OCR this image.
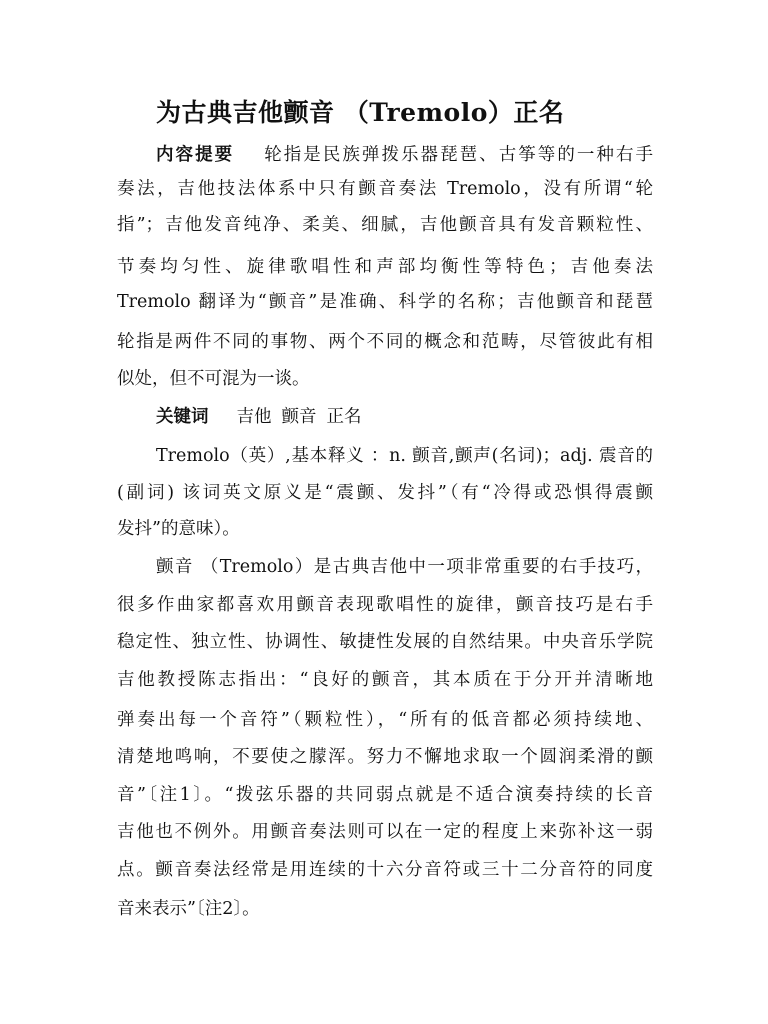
为古典吉他颤音 （Tremolo）正名
内容提要 轮指是民族弹拨乐器琵琶、古筝等的一种右手
奏法，吉他技法体系中只有颤音奏法 Tremolo，没有所谓“轮
指”；吉他发音纯净、柔美、细腻，吉他颤音具有发音颗粒性、
节奏均匀性、旋律歌唱性和声部均衡性等特色；吉他奏法
Tremolo 翻译为“颤音”是准确、科学的名称；吉他颤音和琵琶
轮指是两件不同的事物、两个不同的概念和范畴，尽管彼此有相
似处，但不可混为一谈。
关键词 吉他 颤音 正名
Tremolo（英）,基本释义 ：n. 颤音,颤声(名词)；adj. 震音的
(副词) 该词英文原义是“震颤、发抖”（有“冷得或恐惧得震颤
发抖”的意味）。
颤音 （Tremolo）是古典吉他中一项非常重要的右手技巧，
很多作曲家都喜欢用颤音表现歌唱性的旋律，颤音技巧是右手
稳定性、独立性、协调性、敏捷性发展的自然结果。中央音乐学院
吉他教授陈志指出：“良好的颤音，其本质在于分开并清晰地
弹奏出每一个音符”（颗粒性），“所有的低音都必须持续地、
清楚地鸣响，不要使之朦浑。努力不懈地求取一个圆润柔滑的颤
音”〔注1〕。“拨弦乐器的共同弱点就是不适合演奏持续的长音
吉他也不例外。用颤音奏法则可以在一定的程度上来弥补这一弱
点。颤音奏法经常是用连续的十六分音符或三十二分音符的同度
音来表示”〔注2〕。
